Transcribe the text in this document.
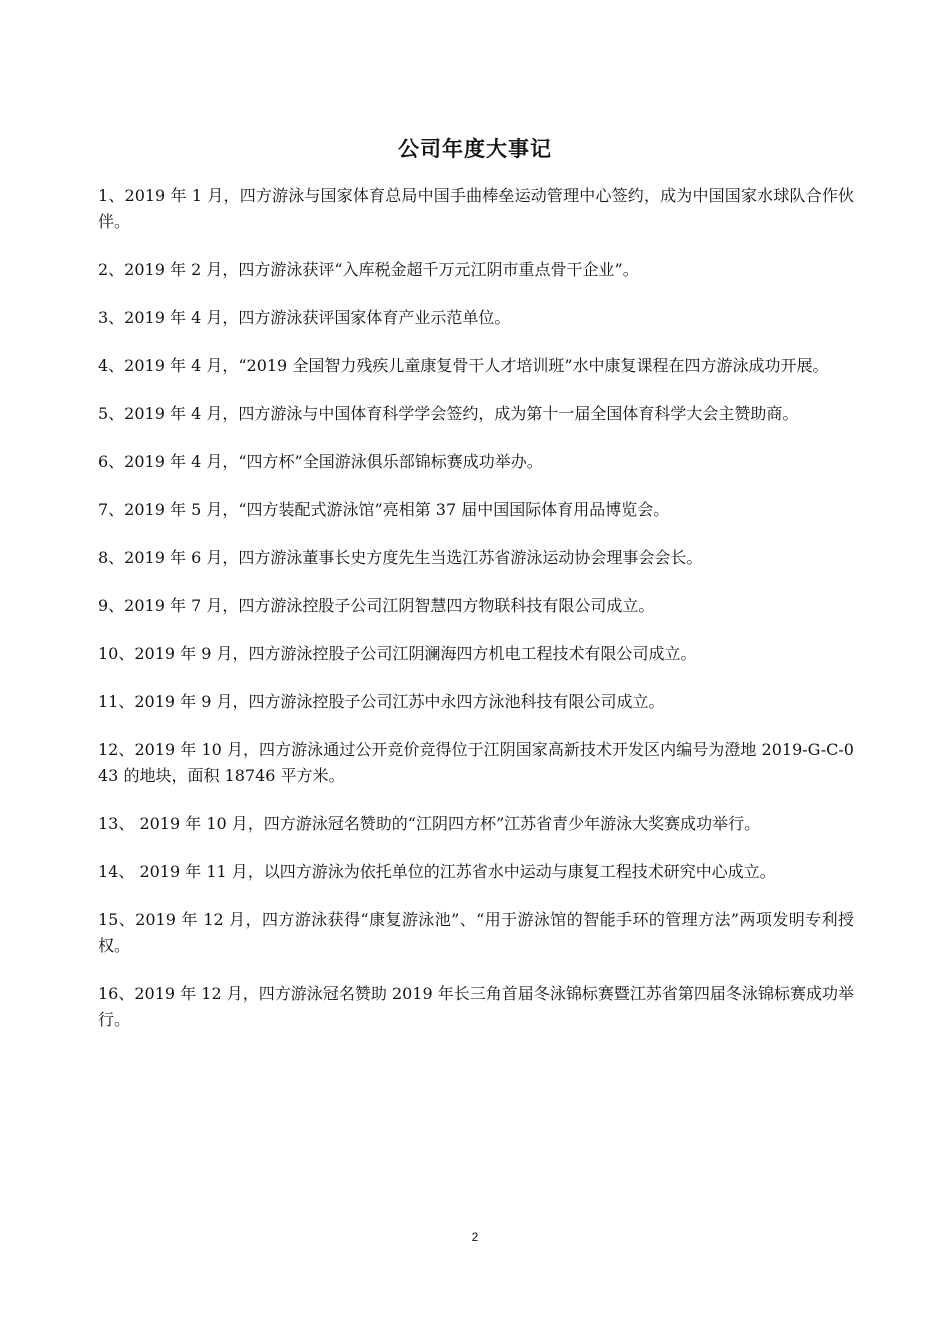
公司年度大事记
1、2019 年 1 月，四方游泳与国家体育总局中国手曲棒垒运动管理中心签约，成为中国国家水球队合作伙伴。
2、2019 年 2 月，四方游泳获评“入库税金超千万元江阴市重点骨干企业”。
3、2019 年 4 月，四方游泳获评国家体育产业示范单位。
4、2019 年 4 月，“2019 全国智力残疾儿童康复骨干人才培训班”水中康复课程在四方游泳成功开展。
5、2019 年 4 月，四方游泳与中国体育科学学会签约，成为第十一届全国体育科学大会主赞助商。
6、2019 年 4 月，“四方杯”全国游泳俱乐部锦标赛成功举办。
7、2019 年 5 月，“四方装配式游泳馆”亮相第 37 届中国国际体育用品博览会。
8、2019 年 6 月，四方游泳董事长史方度先生当选江苏省游泳运动协会理事会会长。
9、2019 年 7 月，四方游泳控股子公司江阴智慧四方物联科技有限公司成立。
10、2019 年 9 月，四方游泳控股子公司江阴澜海四方机电工程技术有限公司成立。
11、2019 年 9 月，四方游泳控股子公司江苏中永四方泳池科技有限公司成立。
12、2019 年 10 月，四方游泳通过公开竞价竞得位于江阴国家高新技术开发区内编号为澄地 2019-G-C-043 的地块，面积 18746 平方米。
13、 2019 年 10 月，四方游泳冠名赞助的“江阴四方杯”江苏省青少年游泳大奖赛成功举行。
14、 2019 年 11 月，以四方游泳为依托单位的江苏省水中运动与康复工程技术研究中心成立。
15、2019 年 12 月，四方游泳获得“康复游泳池”、“用于游泳馆的智能手环的管理方法”两项发明专利授权。
16、2019 年 12 月，四方游泳冠名赞助 2019 年长三角首届冬泳锦标赛暨江苏省第四届冬泳锦标赛成功举行。
2
